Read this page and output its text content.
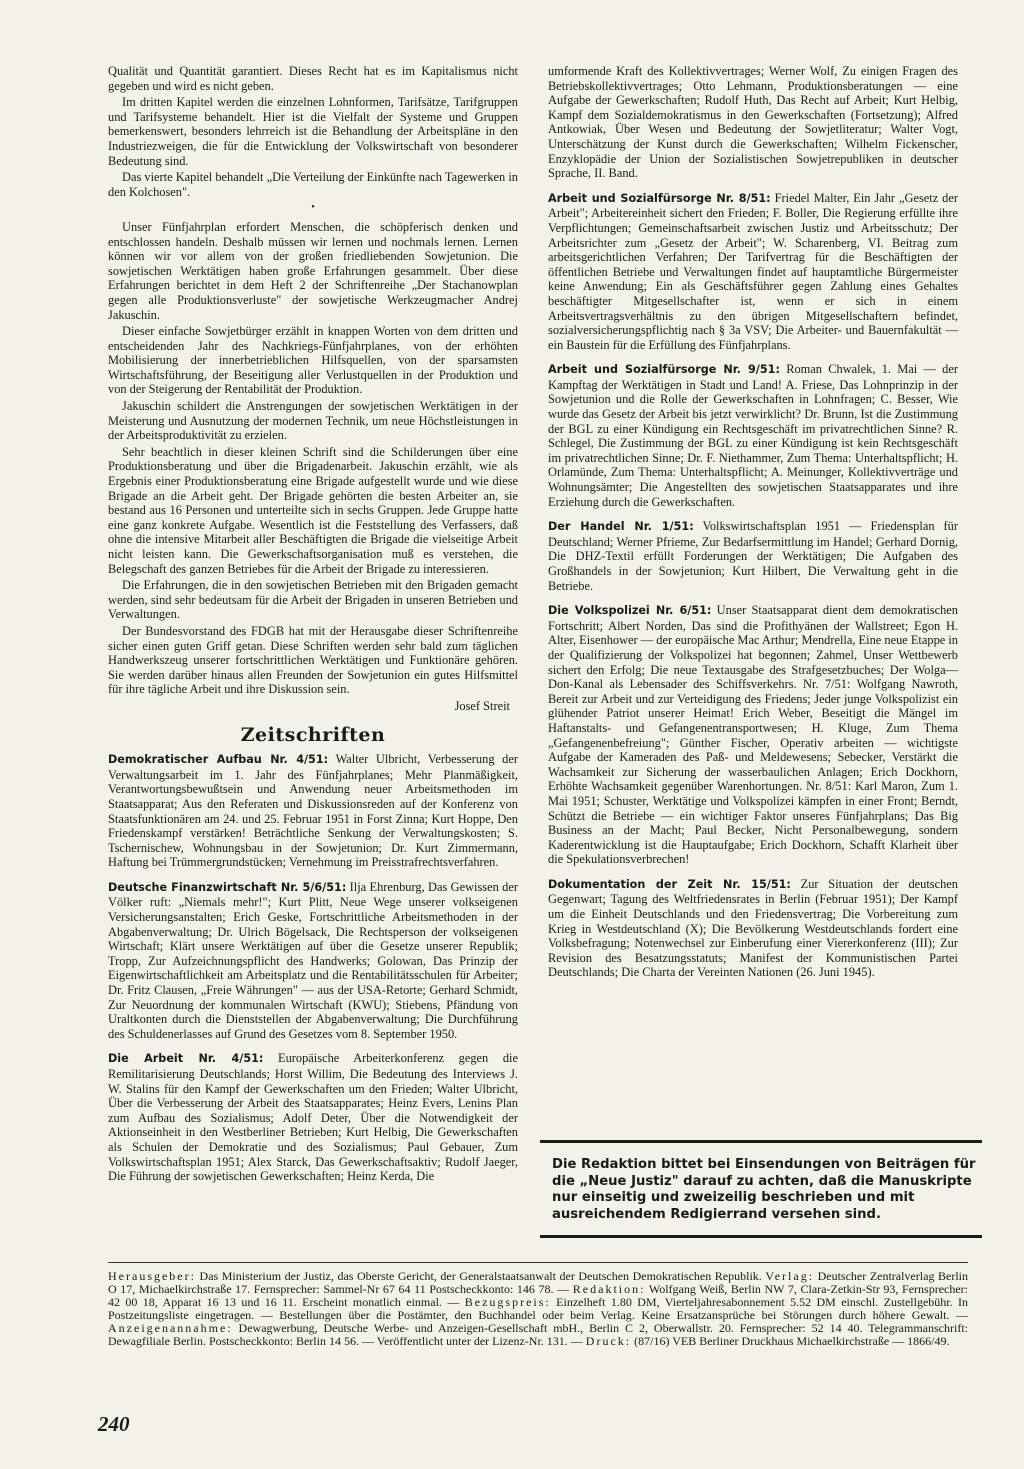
Qualität und Quantität garantiert. Dieses Recht hat es im Kapitalismus nicht gegeben und wird es nicht geben.

Im dritten Kapitel werden die einzelnen Lohnformen, Tarifsätze, Tarifgruppen und Tarifsysteme behandelt. Hier ist die Vielfalt der Systeme und Gruppen bemerkenswert, besonders lehrreich ist die Behandlung der Arbeitspläne in den Industriezweigen, die für die Entwicklung der Volkswirtschaft von besonderer Bedeutung sind.

Das vierte Kapitel behandelt „Die Verteilung der Einkünfte nach Tagewerken in den Kolchosen".

•

Unser Fünfjahrplan erfordert Menschen, die schöpferisch denken und entschlossen handeln. Deshalb müssen wir lernen und nochmals lernen. Lernen können wir vor allem von der großen friedliebenden Sowjetunion. Die sowjetischen Werktätigen haben große Erfahrungen gesammelt. Über diese Erfahrungen berichtet in dem Heft 2 der Schriftenreihe „Der Stachanowplan gegen alle Produktionsverluste" der sowjetische Werkzeugmacher Andrej Jakuschin.

Dieser einfache Sowjetbürger erzählt in knappen Worten von dem dritten und entscheidenden Jahr des Nachkriegs-Fünfjahrplanes, von der erhöhten Mobilisierung der innerbetrieblichen Hilfsquellen, von der sparsamsten Wirtschaftsführung, der Beseitigung aller Verlustquellen in der Produktion und von der Steigerung der Rentabilität der Produktion.

Jakuschin schildert die Anstrengungen der sowjetischen Werktätigen in der Meisterung und Ausnutzung der modernen Technik, um neue Höchstleistungen in der Arbeitsproduktivität zu erzielen.

Sehr beachtlich in dieser kleinen Schrift sind die Schilderungen über eine Produktionsberatung und über die Brigadenarbeit. Jakuschin erzählt, wie als Ergebnis einer Produktionsberatung eine Brigade aufgestellt wurde und wie diese Brigade an die Arbeit geht. Der Brigade gehörten die besten Arbeiter an, sie bestand aus 16 Personen und unterteilte sich in sechs Gruppen. Jede Gruppe hatte eine ganz konkrete Aufgabe. Wesentlich ist die Feststellung des Verfassers, daß ohne die intensive Mitarbeit aller Beschäftigten die Brigade die vielseitige Arbeit nicht leisten kann. Die Gewerkschaftsorganisation muß es verstehen, die Belegschaft des ganzen Betriebes für die Arbeit der Brigade zu interessieren.

Die Erfahrungen, die in den sowjetischen Betrieben mit den Brigaden gemacht werden, sind sehr bedeutsam für die Arbeit der Brigaden in unseren Betrieben und Verwaltungen.

Der Bundesvorstand des FDGB hat mit der Herausgabe dieser Schriftenreihe sicher einen guten Griff getan. Diese Schriften werden sehr bald zum täglichen Handwerkszeug unserer fortschrittlichen Werktätigen und Funktionäre gehören. Sie werden darüber hinaus allen Freunden der Sowjetunion ein gutes Hilfsmittel für ihre tägliche Arbeit und ihre Diskussion sein.

Josef Streit
Zeitschriften

Demokratischer Aufbau Nr. 4/51: Walter Ulbricht, Verbesserung der Verwaltungsarbeit im 1. Jahr des Fünfjahrplanes; Mehr Planmäßigkeit, Verantwortungsbewußtsein und Anwendung neuer Arbeitsmethoden im Staatsapparat; Aus den Referaten und Diskussionsreden auf der Konferenz von Staatsfunktionären am 24. und 25. Februar 1951 in Forst Zinna; Kurt Hoppe, Den Friedenskampf verstärken! Beträchtliche Senkung der Verwaltungskosten; S. Tschernischew, Wohnungsbau in der Sowjetunion; Dr. Kurt Zimmermann, Haftung bei Trümmergrundstücken; Vernehmung im Preisstrafrechtsverfahren.

Deutsche Finanzwirtschaft Nr. 5/6/51: Ilja Ehrenburg, Das Gewissen der Völker ruft: „Niemals mehr!"; Kurt Plitt, Neue Wege unserer volkseigenen Versicherungsanstalten; Erich Geske, Fortschrittliche Arbeitsmethoden in der Abgabenverwaltung; Dr. Ulrich Bögelsack, Die Rechtsperson der volkseigenen Wirtschaft; Klärt unsere Werktätigen auf über die Gesetze unserer Republik; Tropp, Zur Aufzeichnungspflicht des Handwerks; Golowan, Das Prinzip der Eigenwirtschaftlichkeit am Arbeitsplatz und die Rentabilitätsschulen für Arbeiter; Dr. Fritz Clausen, „Freie Währungen" — aus der USA-Retorte; Gerhard Schmidt, Zur Neuordnung der kommunalen Wirtschaft (KWU); Stiebens, Pfändung von Uraltkonten durch die Dienststellen der Abgabenverwaltung; Die Durchführung des Schuldenerlasses auf Grund des Gesetzes vom 8. September 1950.

Die Arbeit Nr. 4/51: Europäische Arbeiterkonferenz gegen die Remilitarisierung Deutschlands; Horst Willim, Die Bedeutung des Interviews J. W. Stalins für den Kampf der Gewerkschaften um den Frieden; Walter Ulbricht, Über die Verbesserung der Arbeit des Staatsapparates; Heinz Evers, Lenins Plan zum Aufbau des Sozialismus; Adolf Deter, Über die Notwendigkeit der Aktionseinheit in den Westberliner Betrieben; Kurt Helbig, Die Gewerkschaften als Schulen der Demokratie und des Sozialismus; Paul Gebauer, Zum Volkswirtschaftsplan 1951; Alex Starck, Das Gewerkschaftsaktiv; Rudolf Jaeger, Die Führung der sowjetischen Gewerkschaften; Heinz Kerda, Die

umformende Kraft des Kollektivvertrages; Werner Wolf, Zu einigen Fragen des Betriebskollektivvertrages; Otto Lehmann, Produktionsberatungen — eine Aufgabe der Gewerkschaften; Rudolf Huth, Das Recht auf Arbeit; Kurt Helbig, Kampf dem Sozialdemokratismus in den Gewerkschaften (Fortsetzung); Alfred Antkowiak, Über Wesen und Bedeutung der Sowjetliteratur; Walter Vogt, Unterschätzung der Kunst durch die Gewerkschaften; Wilhelm Fickenscher, Enzyklopädie der Union der Sozialistischen Sowjetrepubliken in deutscher Sprache, II. Band.

Arbeit und Sozialfürsorge Nr. 8/51: Friedel Malter, Ein Jahr „Gesetz der Arbeit"; Arbeitereinheit sichert den Frieden; F. Boller, Die Regierung erfüllte ihre Verpflichtungen; Gemeinschaftsarbeit zwischen Justiz und Arbeitsschutz; Der Arbeitsrichter zum „Gesetz der Arbeit"; W. Scharenberg, VI. Beitrag zum arbeitsgerichtlichen Verfahren; Der Tarifvertrag für die Beschäftigten der öffentlichen Betriebe und Verwaltungen findet auf hauptamtliche Bürgermeister keine Anwendung; Ein als Geschäftsführer gegen Zahlung eines Gehaltes beschäftigter Mitgesellschafter ist, wenn er sich in einem Arbeitsvertragsverhältnis zu den übrigen Mitgesellschaftern befindet, sozialversicherungspflichtig nach § 3a VSV; Die Arbeiter- und Bauernfakultät — ein Baustein für die Erfüllung des Fünfjahrplans.

Arbeit und Sozialfürsorge Nr. 9/51: Roman Chwalek, 1. Mai — der Kampftag der Werktätigen in Stadt und Land! A. Friese, Das Lohnprinzip in der Sowjetunion und die Rolle der Gewerkschaften in Lohnfragen; C. Besser, Wie wurde das Gesetz der Arbeit bis jetzt verwirklicht? Dr. Brunn, Ist die Zustimmung der BGL zu einer Kündigung ein Rechtsgeschäft im privatrechtlichen Sinne? R. Schlegel, Die Zustimmung der BGL zu einer Kündigung ist kein Rechtsgeschäft im privatrechtlichen Sinne; Dr. F. Niethammer, Zum Thema: Unterhaltspflicht; H. Orlamünde, Zum Thema: Unterhaltspflicht; A. Meinunger, Kollektivverträge und Wohnungsämter; Die Angestellten des sowjetischen Staatsapparates und ihre Erziehung durch die Gewerkschaften.

Der Handel Nr. 1/51: Volkswirtschaftsplan 1951 — Friedensplan für Deutschland; Werner Pfrieme, Zur Bedarfsermittlung im Handel; Gerhard Dornig, Die DHZ-Textil erfüllt Forderungen der Werktätigen; Die Aufgaben des Großhandels in der Sowjetunion; Kurt Hilbert, Die Verwaltung geht in die Betriebe.

Die Volkspolizei Nr. 6/51: Unser Staatsapparat dient dem demokratischen Fortschritt; Albert Norden, Das sind die Profithyänen der Wallstreet; Egon H. Alter, Eisenhower — der europäische Mac Arthur; Mendrella, Eine neue Etappe in der Qualifizierung der Volkspolizei hat begonnen; Zahmel, Unser Wettbewerb sichert den Erfolg; Die neue Textausgabe des Strafgesetzbuches; Der Wolga—Don-Kanal als Lebensader des Schiffsverkehrs. Nr. 7/51: Wolfgang Nawroth, Bereit zur Arbeit und zur Verteidigung des Friedens; Jeder junge Volkspolizist ein glühender Patriot unserer Heimat! Erich Weber, Beseitigt die Mängel im Haftanstalts- und Gefangenentransportwesen; H. Kluge, Zum Thema „Gefangenenbefreiung"; Günther Fischer, Operativ arbeiten — wichtigste Aufgabe der Kameraden des Paß- und Meldewesens; Sebecker, Verstärkt die Wachsamkeit zur Sicherung der wasserbaulichen Anlagen; Erich Dockhorn, Erhöhte Wachsamkeit gegenüber Warenhortungen. Nr. 8/51: Karl Maron, Zum 1. Mai 1951; Schuster, Werktätige und Volkspolizei kämpfen in einer Front; Berndt, Schützt die Betriebe — ein wichtiger Faktor unseres Fünfjahrplans; Das Big Business an der Macht; Paul Becker, Nicht Personalbewegung, sondern Kaderentwicklung ist die Hauptaufgabe; Erich Dockhorn, Schafft Klarheit über die Spekulationsverbrechen!

Dokumentation der Zeit Nr. 15/51: Zur Situation der deutschen Gegenwart; Tagung des Weltfriedensrates in Berlin (Februar 1951); Der Kampf um die Einheit Deutschlands und den Friedensvertrag; Die Vorbereitung zum Krieg in Westdeutschland (X); Die Bevölkerung Westdeutschlands fordert eine Volksbefragung; Notenwechsel zur Einberufung einer Viererkonferenz (III); Zur Revision des Besatzungsstatuts; Manifest der Kommunistischen Partei Deutschlands; Die Charta der Vereinten Nationen (26. Juni 1945).

Die Redaktion bittet bei Einsendungen von Beiträgen für die „Neue Justiz" darauf zu achten, daß die Manuskripte nur einseitig und zweizeilig beschrieben und mit ausreichendem Redigierrand versehen sind.
Herausgeber: Das Ministerium der Justiz, das Oberste Gericht, der Generalstaatsanwalt der Deutschen Demokratischen Republik. Verlag: Deutscher Zentralverlag Berlin O 17, Michaelkirchstraße 17. Fernsprecher: Sammel-Nr 67 64 11 Postscheckkonto: 146 78. — Redaktion: Wolfgang Weiß, Berlin NW 7, Clara-Zetkin-Str 93, Fernsprecher: 42 00 18, Apparat 16 13 und 16 11. Erscheint monatlich einmal. — Bezugspreis: Einzelheft 1.80 DM, Vierteljahresabonnement 5.52 DM einschl. Zustellgebühr. In Postzeitungsliste eingetragen. — Bestellungen über die Postämter, den Buchhandel oder beim Verlag. Keine Ersatzansprüche bei Störungen durch höhere Gewalt. — Anzeigenannahme: Dewagwerbung, Deutsche Werbe- und Anzeigen-Gesellschaft mbH., Berlin C 2, Oberwallstr. 20. Fernsprecher: 52 14 40. Telegrammanschrift: Dewagfiliale Berlin. Postscheckkonto: Berlin 14 56. — Veröffentlicht unter der Lizenz-Nr. 131. — Druck: (87/16) VEB Berliner Druckhaus Michaelkirchstraße — 1866/49.
240
